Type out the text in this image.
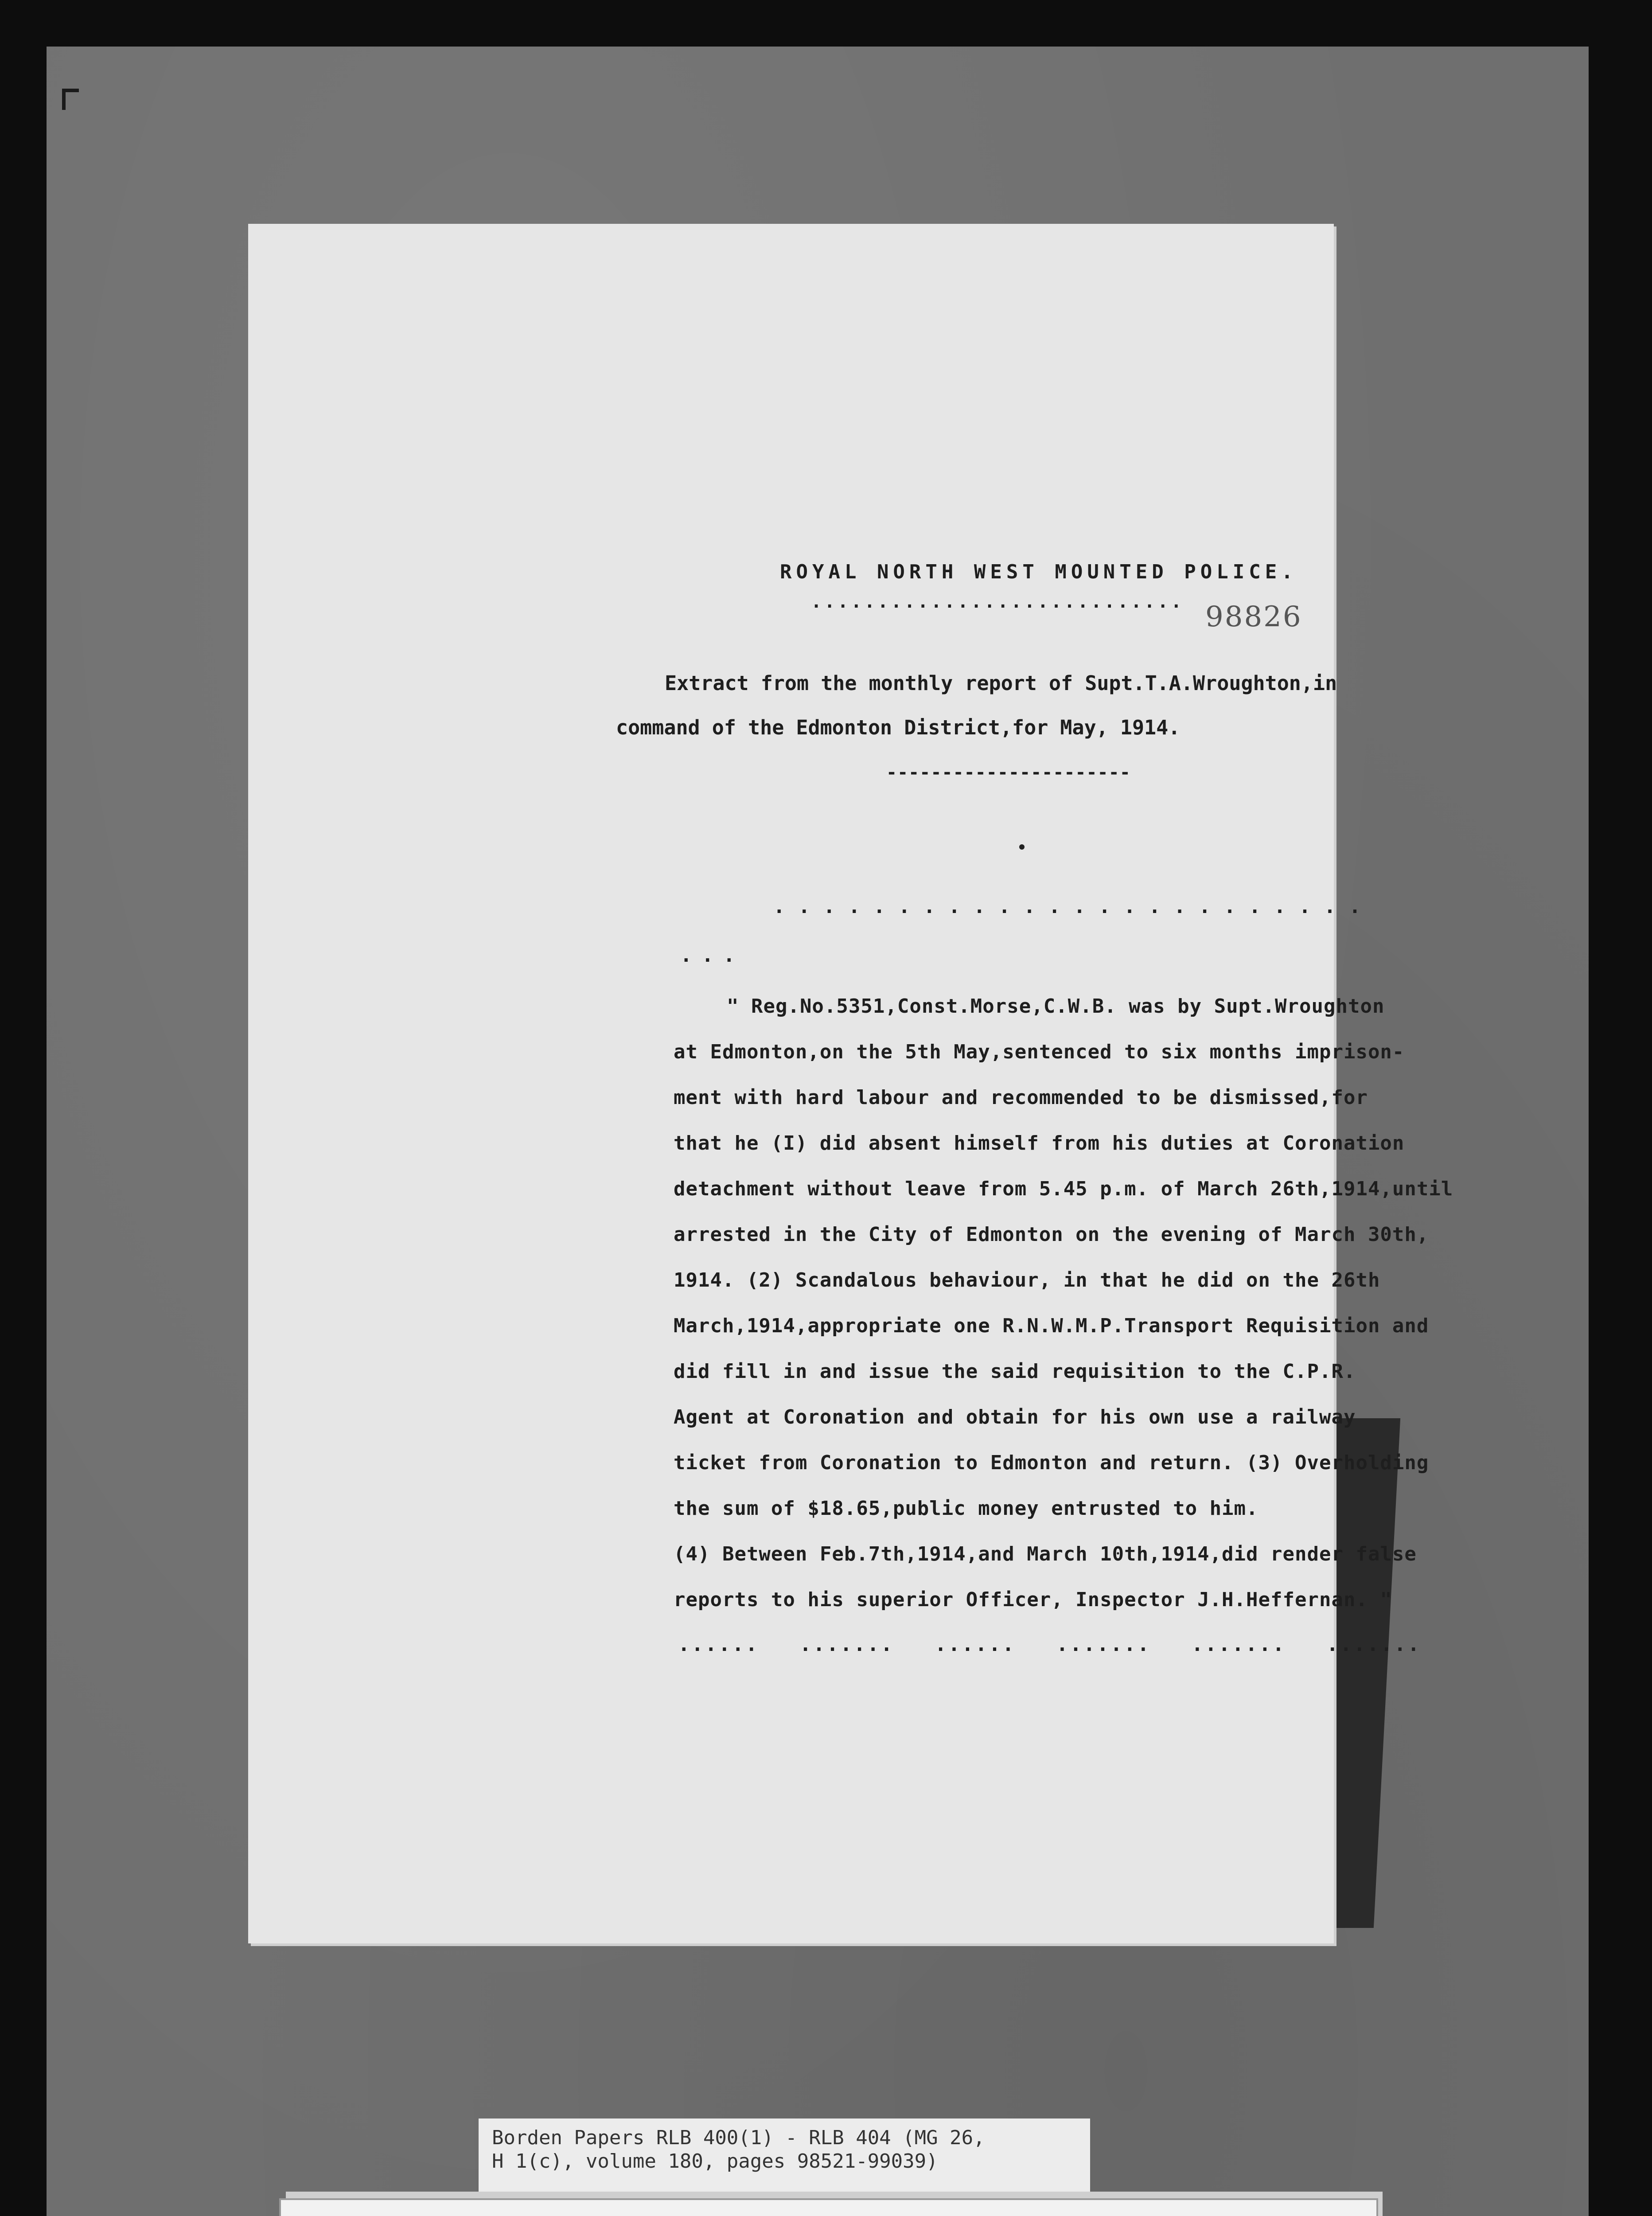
ROYAL NORTH WEST MOUNTED POLICE.
............................ 98826
Extract from the monthly report of Supt.T.A.Wroughton,in
command of the Edmonton District,for May, 1914.
----------------------
........................
...
" Reg.No.5351,Const.Morse,C.W.B. was by Supt.Wroughton
at Edmonton,on the 5th May,sentenced to six months imprison-
ment with hard labour and recommended to be dismissed,for
that he (I) did absent himself from his duties at Coronation
detachment without leave from 5.45 p.m. of March 26th,1914,until
arrested in the City of Edmonton on the evening of March 30th,
1914. (2) Scandalous behaviour, in that he did on the 26th
March,1914,appropriate one R.N.W.M.P.Transport Requisition and
did fill in and issue the said requisition to the C.P.R.
Agent at Coronation and obtain for his own use a railway
ticket from Coronation to Edmonton and return. (3) Overholding
the sum of $18.65,public money entrusted to him.
(4) Between Feb.7th,1914,and March 10th,1914,did render false
reports to his superior Officer, Inspector J.H.Heffernan. "
......   .......   ......   .......   .......   .......
Borden Papers RLB 400(1) - RLB 404 (MG 26,
H 1(c), volume 180, pages 98521-99039)
